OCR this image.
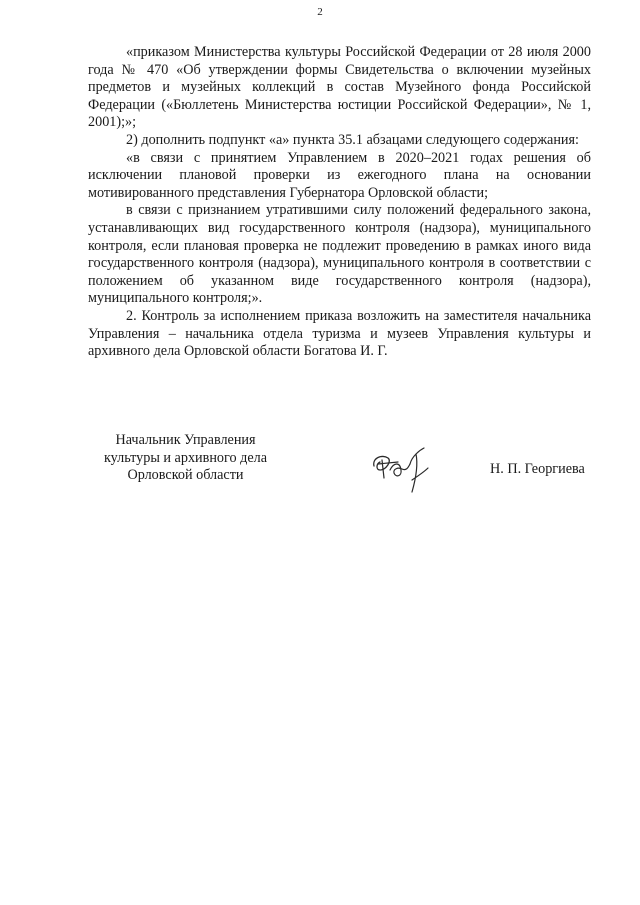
2

«приказом Министерства культуры Российской Федерации от 28 июля 2000 года № 470 «Об утверждении формы Свидетельства о включении музейных предметов и музейных коллекций в состав Музейного фонда Российской Федерации («Бюллетень Министерства юстиции Российской Федерации», № 1, 2001);»;

2) дополнить подпункт «а» пункта 35.1 абзацами следующего содержания:

«в связи с принятием Управлением в 2020–2021 годах решения об исключении плановой проверки из ежегодного плана на основании мотивированного представления Губернатора Орловской области;

в связи с признанием утратившими силу положений федерального закона, устанавливающих вид государственного контроля (надзора), муниципального контроля, если плановая проверка не подлежит проведению в рамках иного вида государственного контроля (надзора), муниципального контроля в соответствии с положением об указанном виде государственного контроля (надзора), муниципального контроля;».

2. Контроль за исполнением приказа возложить на заместителя начальника Управления – начальника отдела туризма и музеев Управления культуры и архивного дела Орловской области Богатова И. Г.

Начальник Управления
культуры и архивного дела
Орловской области	Н. П. Георгиева
